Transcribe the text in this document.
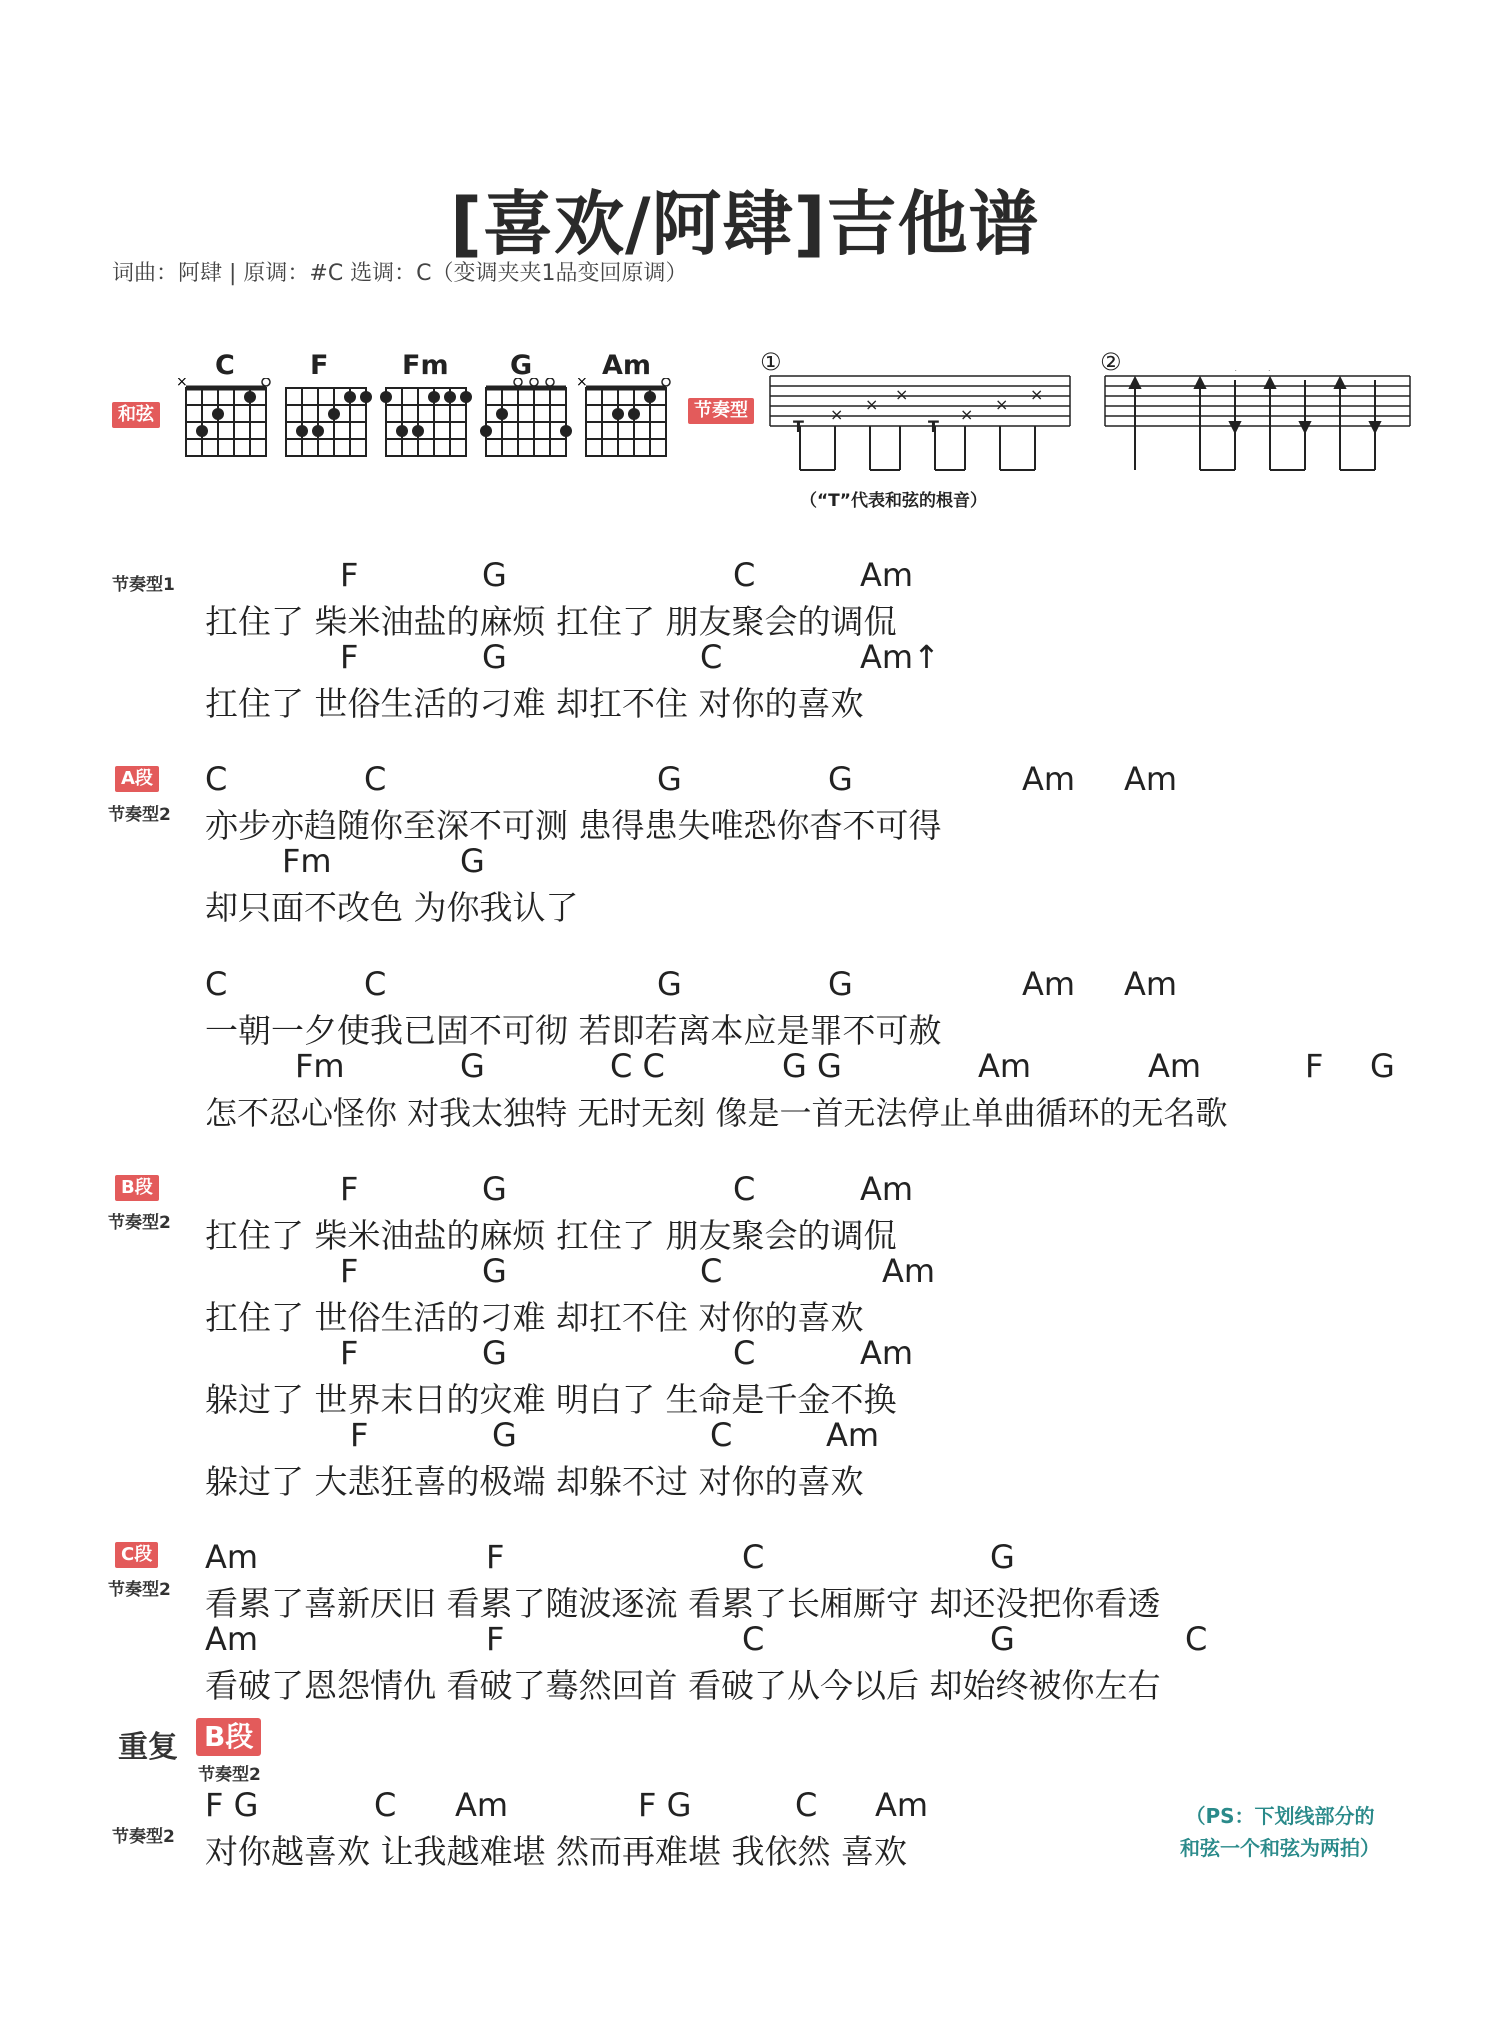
[喜欢/阿肆]吉他谱
词曲：阿肆 | 原调：#C 选调：C（变调夹夹1品变回原调）
和弦
C	F	Fm G	Am
×	×
节奏型
①	②
T	T
×
×
×
×
×
×
（“T”代表和弦的根音）
节奏型1	F	G	C	Am
扛住了 柴米油盐的麻烦 扛住了 朋友聚会的调侃
F	G	C	Am↑
扛住了 世俗生活的刁难 却扛不住 对你的喜欢
A段
节奏型2
C	C	G	G	Am Am
亦步亦趋随你至深不可测 患得患失唯恐你杳不可得
Fm	G
却只面不改色 为你我认了
C	C	G	G	Am Am
一朝一夕使我已固不可彻 若即若离本应是罪不可赦
Fm	G	C C	G G	Am	Am	F G
怎不忍心怪你 对我太独特 无时无刻 像是一首无法停止单曲循环的无名歌
B段
节奏型2
F	G	C	Am
扛住了 柴米油盐的麻烦 扛住了 朋友聚会的调侃
F	G	C	Am
扛住了 世俗生活的刁难 却扛不住 对你的喜欢
F	G	C	Am
躲过了 世界末日的灾难 明白了 生命是千金不换
F	G	C	Am
躲过了 大悲狂喜的极端 却躲不过 对你的喜欢
C段
节奏型2
Am	F	C	G
看累了喜新厌旧 看累了随波逐流 看累了长厢厮守 却还没把你看透
Am	F	C	G	C
看破了恩怨情仇 看破了蓦然回首 看破了从今以后 却始终被你左右
重复 B段
节奏型2
节奏型2
F G	C Am	F G	C Am
对你越喜欢 让我越难堪 然而再难堪 我依然 喜欢
（PS：下划线部分的
和弦一个和弦为两拍）
